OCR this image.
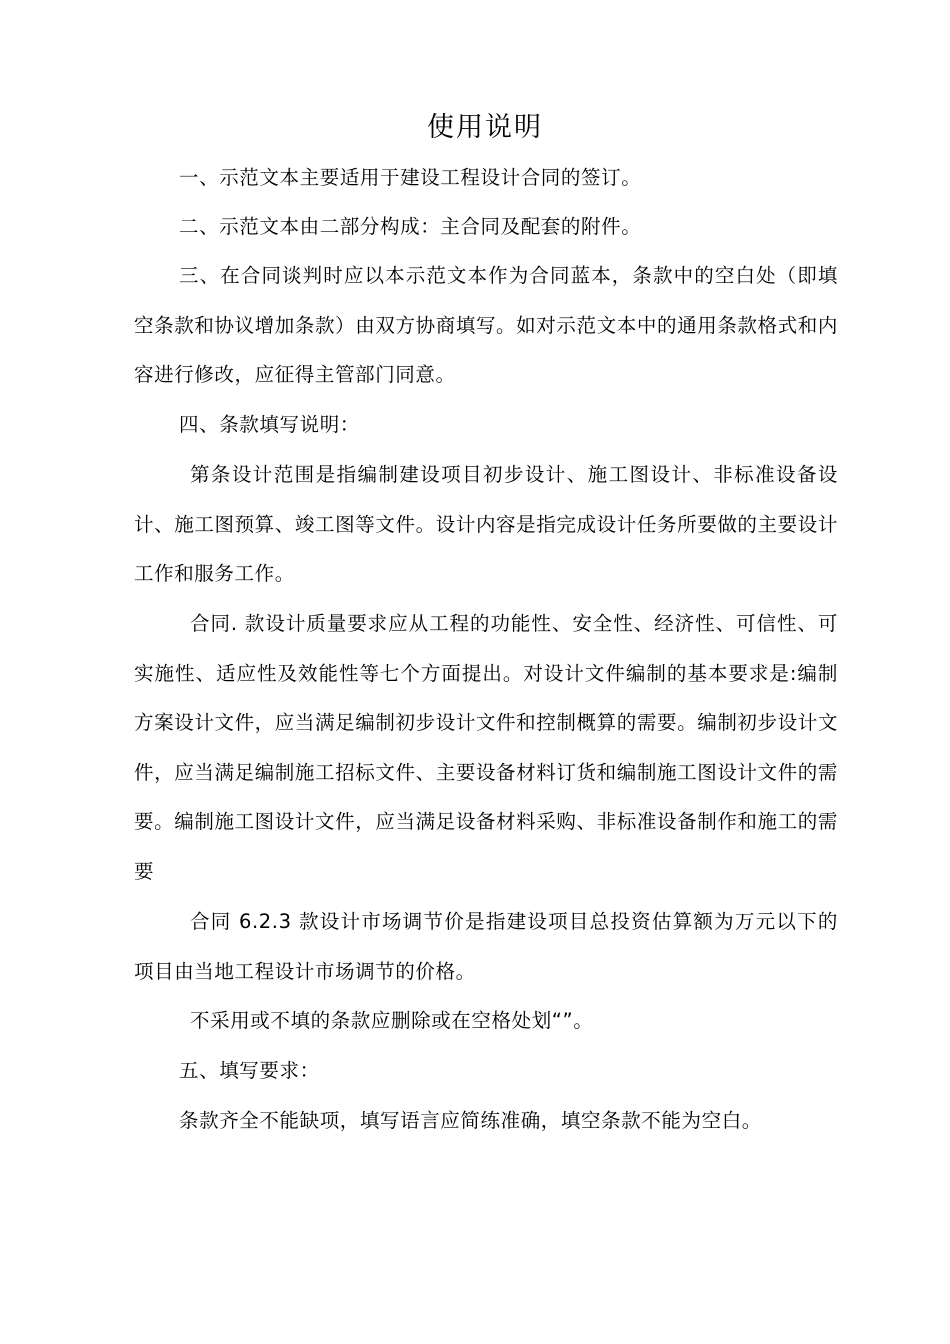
使用说明
一、示范文本主要适用于建设工程设计合同的签订。
二、示范文本由二部分构成：主合同及配套的附件。
三、在合同谈判时应以本示范文本作为合同蓝本，条款中的空白处（即填空条款和协议增加条款）由双方协商填写。如对示范文本中的通用条款格式和内容进行修改，应征得主管部门同意。
四、条款填写说明：
第条设计范围是指编制建设项目初步设计、施工图设计、非标准设备设计、施工图预算、竣工图等文件。设计内容是指完成设计任务所要做的主要设计工作和服务工作。
合同. 款设计质量要求应从工程的功能性、安全性、经济性、可信性、可实施性、适应性及效能性等七个方面提出。对设计文件编制的基本要求是:编制方案设计文件，应当满足编制初步设计文件和控制概算的需要。编制初步设计文件，应当满足编制施工招标文件、主要设备材料订货和编制施工图设计文件的需要。编制施工图设计文件，应当满足设备材料采购、非标准设备制作和施工的需要
合同 6.2.3 款设计市场调节价是指建设项目总投资估算额为万元以下的项目由当地工程设计市场调节的价格。
不采用或不填的条款应删除或在空格处划“”。
五、填写要求：
条款齐全不能缺项，填写语言应简练准确，填空条款不能为空白。
